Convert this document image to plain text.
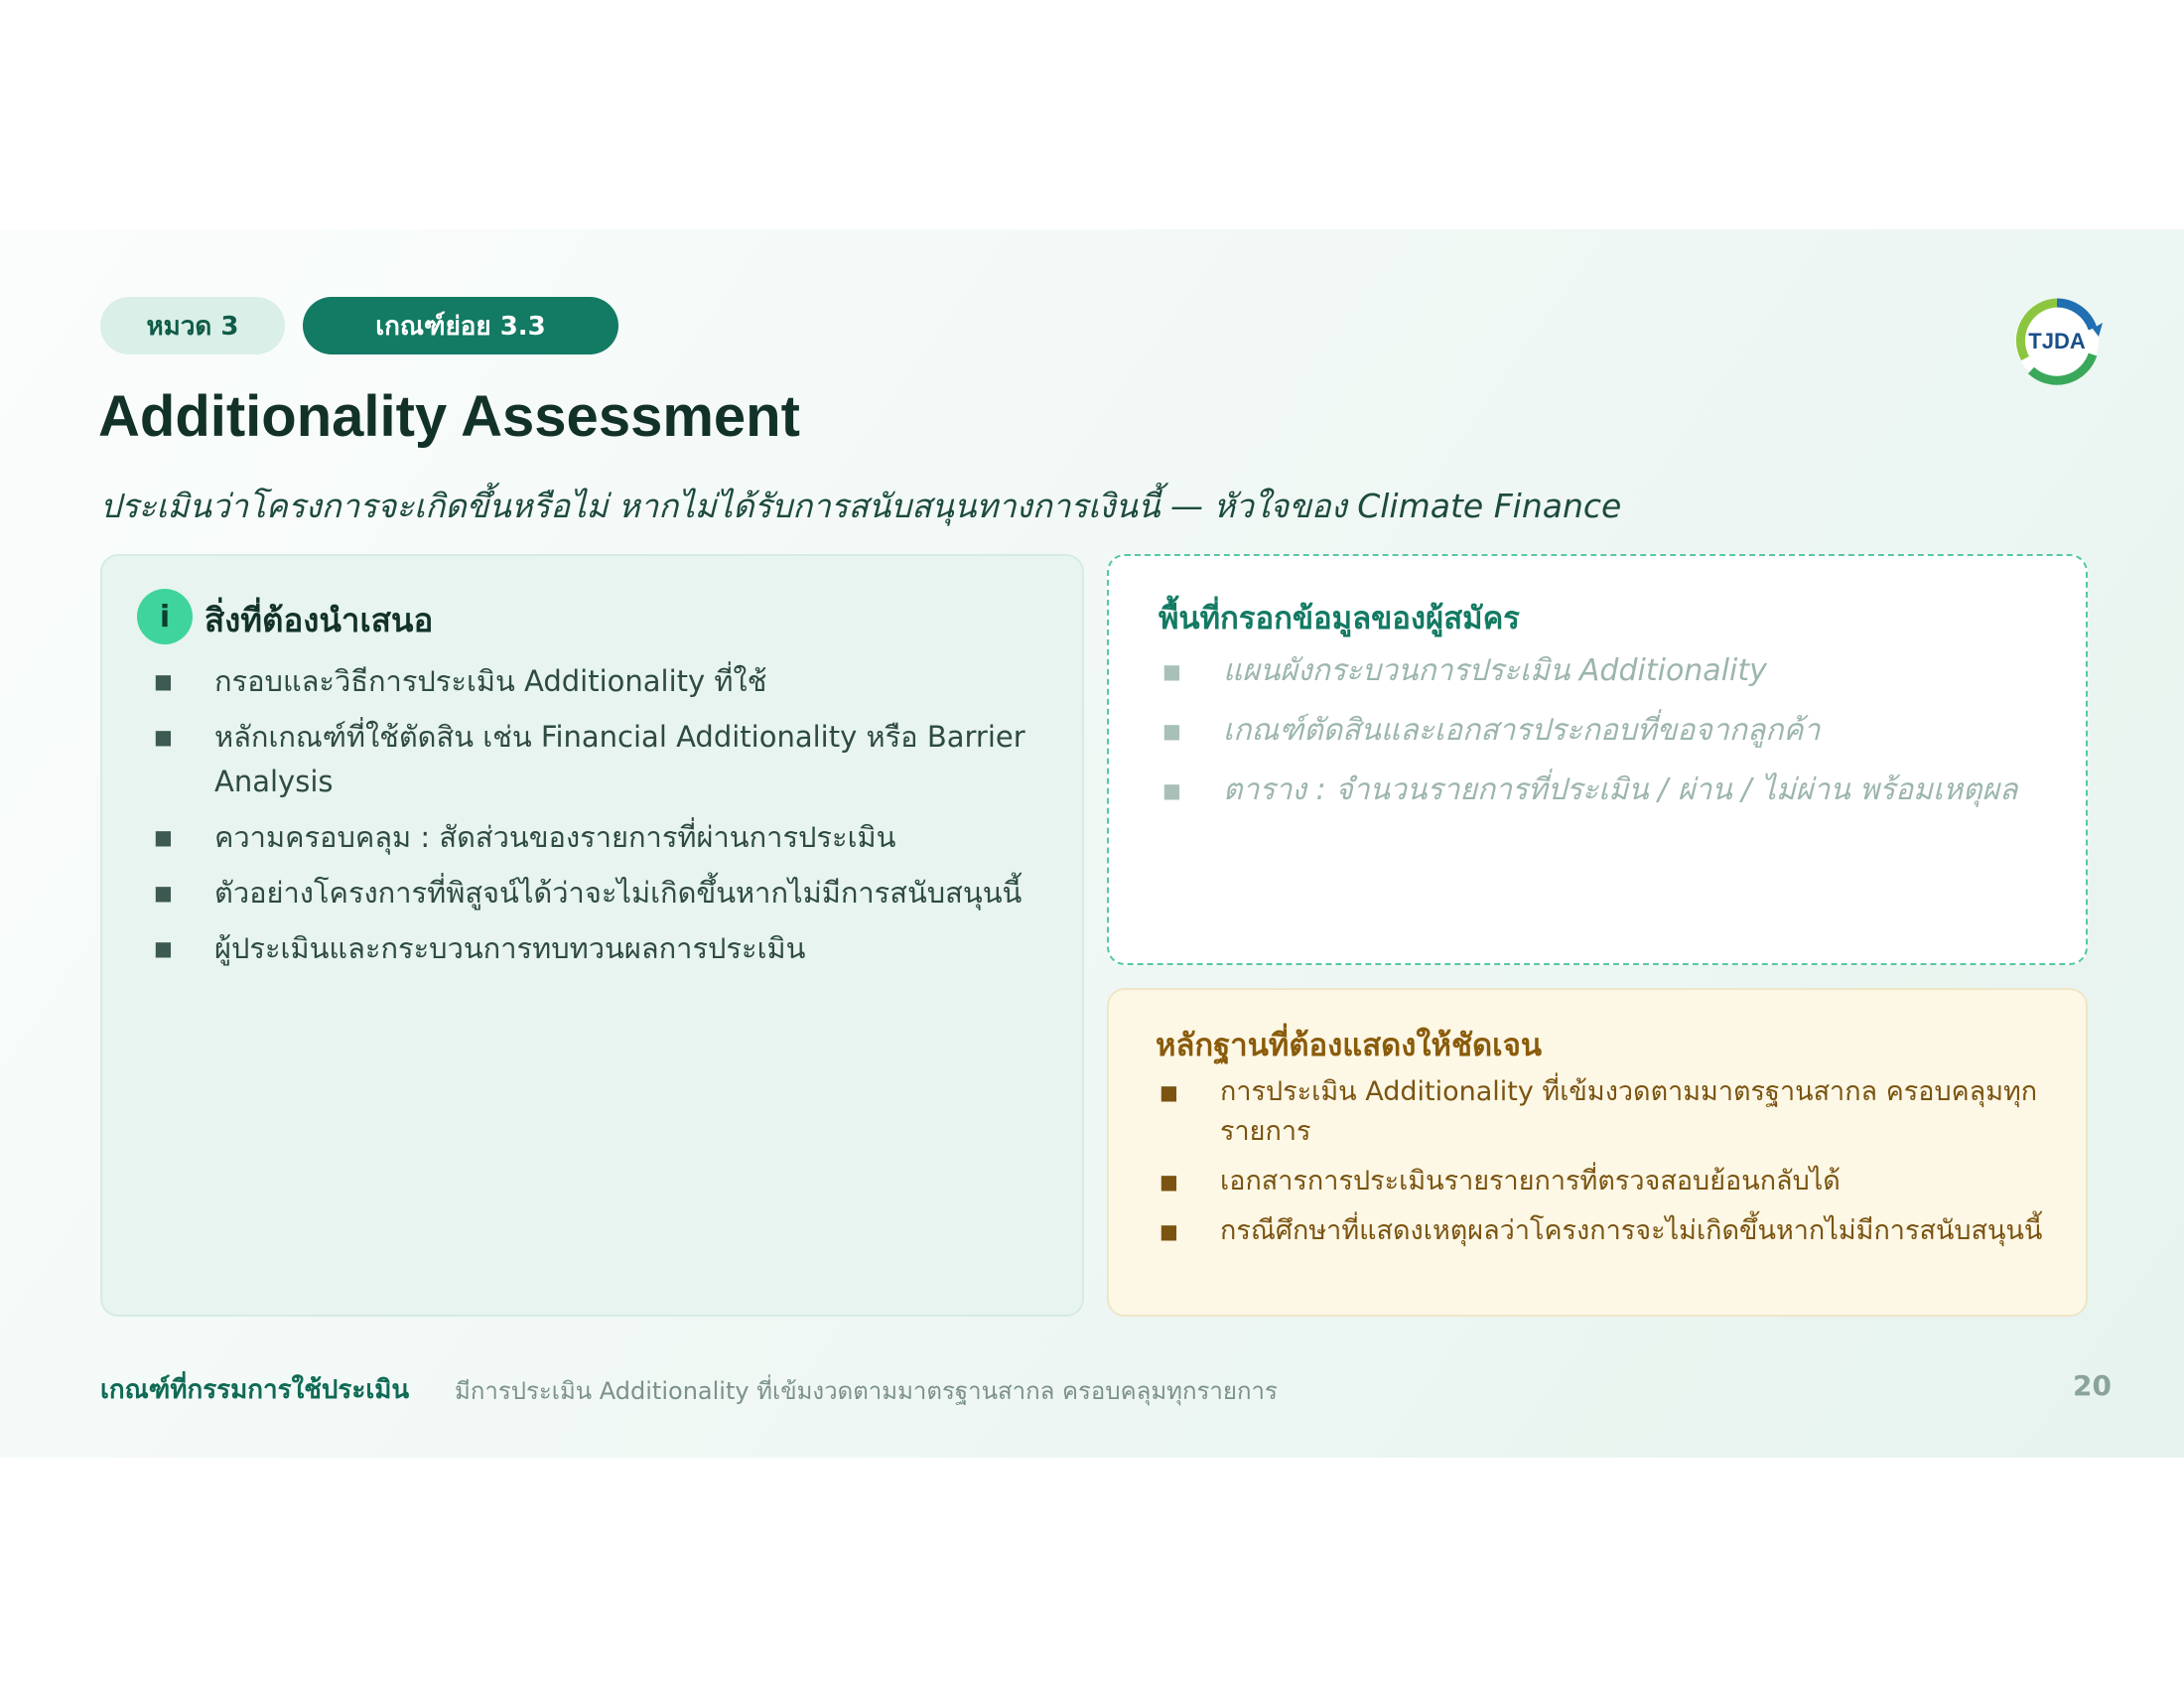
หมวด 3	เกณฑ์ย่อย 3.3	TJDA
Additionality Assessment
ประเมินว่าโครงการจะเกิดขึ้นหรือไม่ หากไม่ได้รับการสนับสนุนทางการเงินนี้ — หัวใจของ Climate Finance
i	สิ่งที่ต้องนำเสนอ
■ กรอบและวิธีการประเมิน Additionality ที่ใช้
■ หลักเกณฑ์ที่ใช้ตัดสิน เช่น Financial Additionality หรือ Barrier Analysis
■ ความครอบคลุม : สัดส่วนของรายการที่ผ่านการประเมิน
■ ตัวอย่างโครงการที่พิสูจน์ได้ว่าจะไม่เกิดขึ้นหากไม่มีการสนับสนุนนี้
■ ผู้ประเมินและกระบวนการทบทวนผลการประเมิน
พื้นที่กรอกข้อมูลของผู้สมัคร
■ แผนผังกระบวนการประเมิน Additionality
■ เกณฑ์ตัดสินและเอกสารประกอบที่ขอจากลูกค้า
■ ตาราง : จำนวนรายการที่ประเมิน / ผ่าน / ไม่ผ่าน พร้อมเหตุผล
หลักฐานที่ต้องแสดงให้ชัดเจน
■ การประเมิน Additionality ที่เข้มงวดตามมาตรฐานสากล ครอบคลุมทุกรายการ
■ เอกสารการประเมินรายรายการที่ตรวจสอบย้อนกลับได้
■ กรณีศึกษาที่แสดงเหตุผลว่าโครงการจะไม่เกิดขึ้นหากไม่มีการสนับสนุนนี้
เกณฑ์ที่กรรมการใช้ประเมิน มีการประเมิน Additionality ที่เข้มงวดตามมาตรฐานสากล ครอบคลุมทุกรายการ	20
